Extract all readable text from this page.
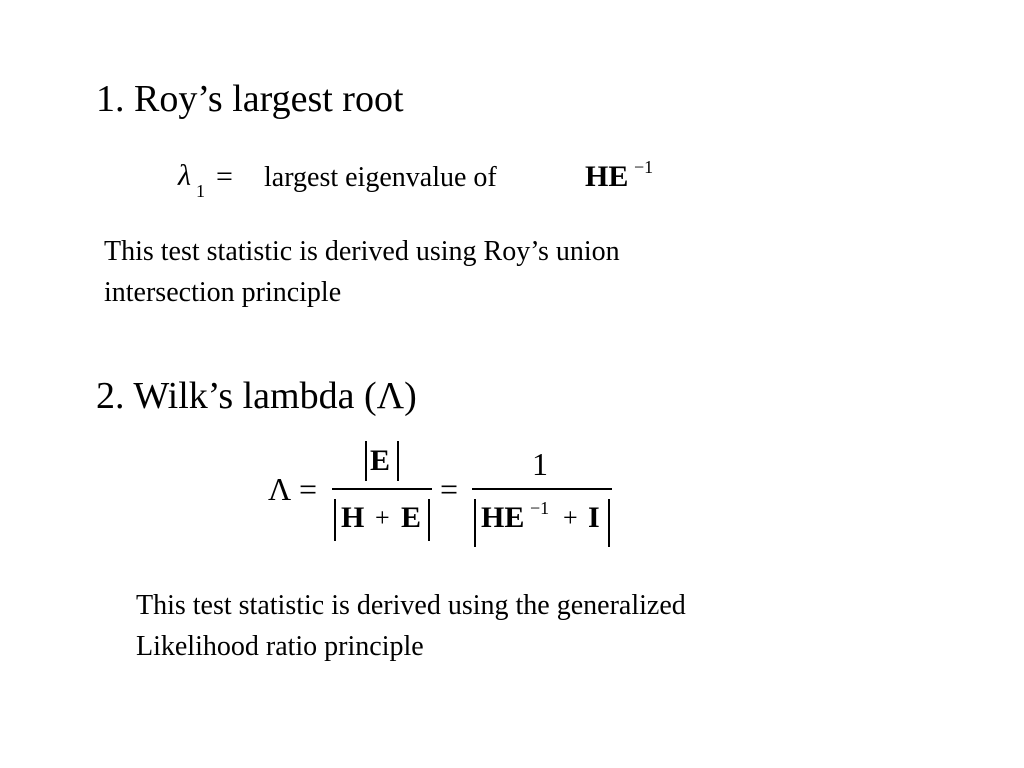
1. Roy’s largest root
λ 1 = largest eigenvalue of	HE −1
This test statistic is derived using Roy’s union
intersection principle
2. Wilk’s lambda (Λ)
Λ =
E
H + E
=
1
HE −1 + I
This test statistic is derived using the generalized
Likelihood ratio principle
